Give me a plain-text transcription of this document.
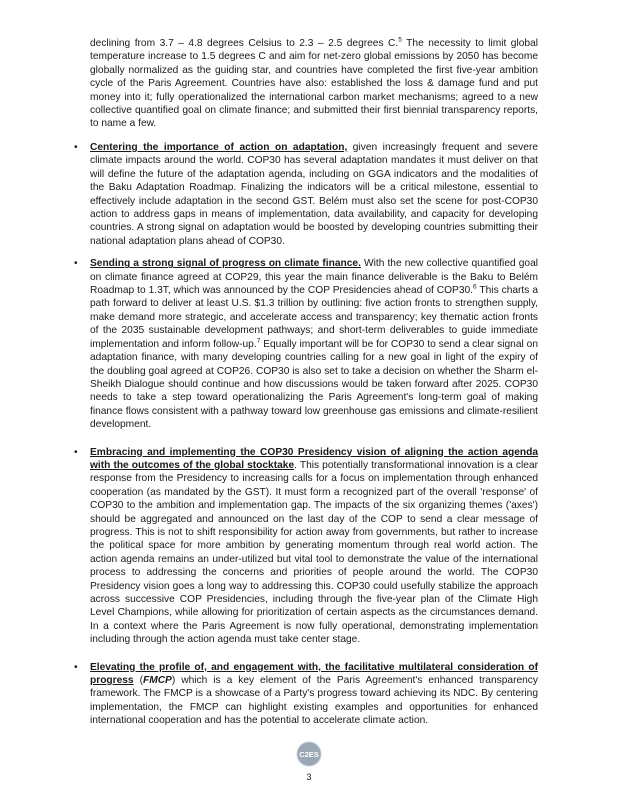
declining from 3.7 – 4.8 degrees Celsius to 2.3 – 2.5 degrees C.$^5$ The necessity to limit global temperature increase to 1.5 degrees C and aim for net-zero global emissions by 2050 has become globally normalized as the guiding star, and countries have completed the first five-year ambition cycle of the Paris Agreement. Countries have also: established the loss & damage fund and put money into it; fully operationalized the international carbon market mechanisms; agreed to a new collective quantified goal on climate finance; and submitted their first biennial transparency reports, to name a few.

• Centering the importance of action on adaptation, given increasingly frequent and severe climate impacts around the world. COP30 has several adaptation mandates it must deliver on that will define the future of the adaptation agenda, including on GGA indicators and the modalities of the Baku Adaptation Roadmap. Finalizing the indicators will be a critical milestone, essential to effectively include adaptation in the second GST. Belém must also set the scene for post-COP30 action to address gaps in means of implementation, data availability, and capacity for developing countries. A strong signal on adaptation would be boosted by developing countries submitting their national adaptation plans ahead of COP30.
• Sending a strong signal of progress on climate finance. With the new collective quantified goal on climate finance agreed at COP29, this year the main finance deliverable is the Baku to Belém Roadmap to 1.3T, which was announced by the COP Presidencies ahead of COP30.$^6$ This charts a path forward to deliver at least U.S. $1.3 trillion by outlining: five action fronts to strengthen supply, make demand more strategic, and accelerate access and transparency; key thematic action fronts of the 2035 sustainable development pathways; and short-term deliverables to guide immediate implementation and inform follow-up.$^7$ Equally important will be for COP30 to send a clear signal on adaptation finance, with many developing countries calling for a new goal in light of the expiry of the doubling goal agreed at COP26. COP30 is also set to take a decision on whether the Sharm el-Sheikh Dialogue should continue and how discussions would be taken forward after 2025. COP30 needs to take a step toward operationalizing the Paris Agreement's long-term goal of making finance flows consistent with a pathway toward low greenhouse gas emissions and climate-resilient development.
• Embracing and implementing the COP30 Presidency vision of aligning the action agenda with the outcomes of the global stocktake. This potentially transformational innovation is a clear response from the Presidency to increasing calls for a focus on implementation through enhanced cooperation (as mandated by the GST). It must form a recognized part of the overall 'response' of COP30 to the ambition and implementation gap. The impacts of the six organizing themes ('axes') should be aggregated and announced on the last day of the COP to send a clear message of progress. This is not to shift responsibility for action away from governments, but rather to increase the political space for more ambition by generating momentum through real world action. The action agenda remains an under-utilized but vital tool to demonstrate the value of the international process to addressing the concerns and priorities of people around the world. The COP30 Presidency vision goes a long way to addressing this. COP30 could usefully stabilize the approach across successive COP Presidencies, including through the five-year plan of the Climate High Level Champions, while allowing for prioritization of certain aspects as the circumstances demand. In a context where the Paris Agreement is now fully operational, demonstrating implementation including through the action agenda must take center stage.
• Elevating the profile of, and engagement with, the facilitative multilateral consideration of progress (FMCP) which is a key element of the Paris Agreement's enhanced transparency framework. The FMCP is a showcase of a Party's progress toward achieving its NDC. By centering implementation, the FMCP can highlight existing examples and opportunities for enhanced international cooperation and has the potential to accelerate climate action.
C2ES
3
